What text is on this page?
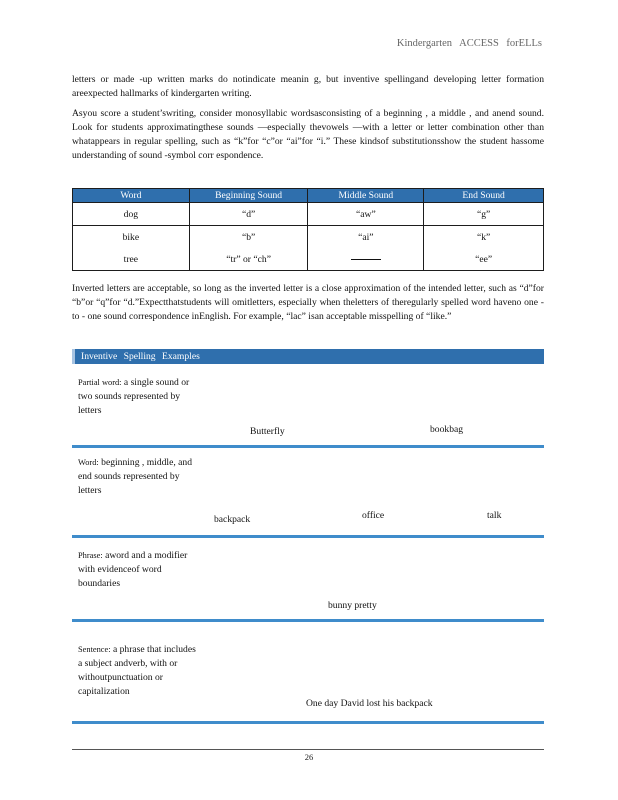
Kindergarten ACCESS forELLs

letters or made -up written marks do notindicate meanin g, but inventive spellingand developing letter formation areexpected hallmarks of kindergarten writing.

Asyou score a student’swriting, consider monosyllabic wordsasconsisting of a beginning , a middle , and anend sound. Look for students approximatingthese sounds —especially thevowels —with a letter or letter combination other than whatappears in regular spelling, such as “k”for “c”or “ai”for “i.” These kindsof substitutionsshow the student hassome understanding of sound -symbol corr espondence.

Word	Beginning Sound	Middle Sound	End Sound
dog	“d”	“aw”	“g”
bike	“b”	“ai”	“k”
tree	“tr” or “ch”		“ee”

Inverted letters are acceptable, so long as the inverted letter is a close approximation of the intended letter, such as “d”for “b”or “q”for “d.”Expectthatstudents will omitletters, especially when theletters of theregularly spelled word haveno one - to - one sound correspondence inEnglish. For example, “lac” isan acceptable misspelling of “like.”

Inventive Spelling Examples
Partial word: a single sound or two sounds represented by letters
Butterfly	bookbag
Word: beginning , middle, and end sounds represented by letters
backpack	office	talk
Phrase: aword and a modifier with evidenceof word boundaries
bunny pretty
Sentence: a phrase that includes a subject andverb, with or withoutpunctuation or capitalization
One day David lost his backpack
26
